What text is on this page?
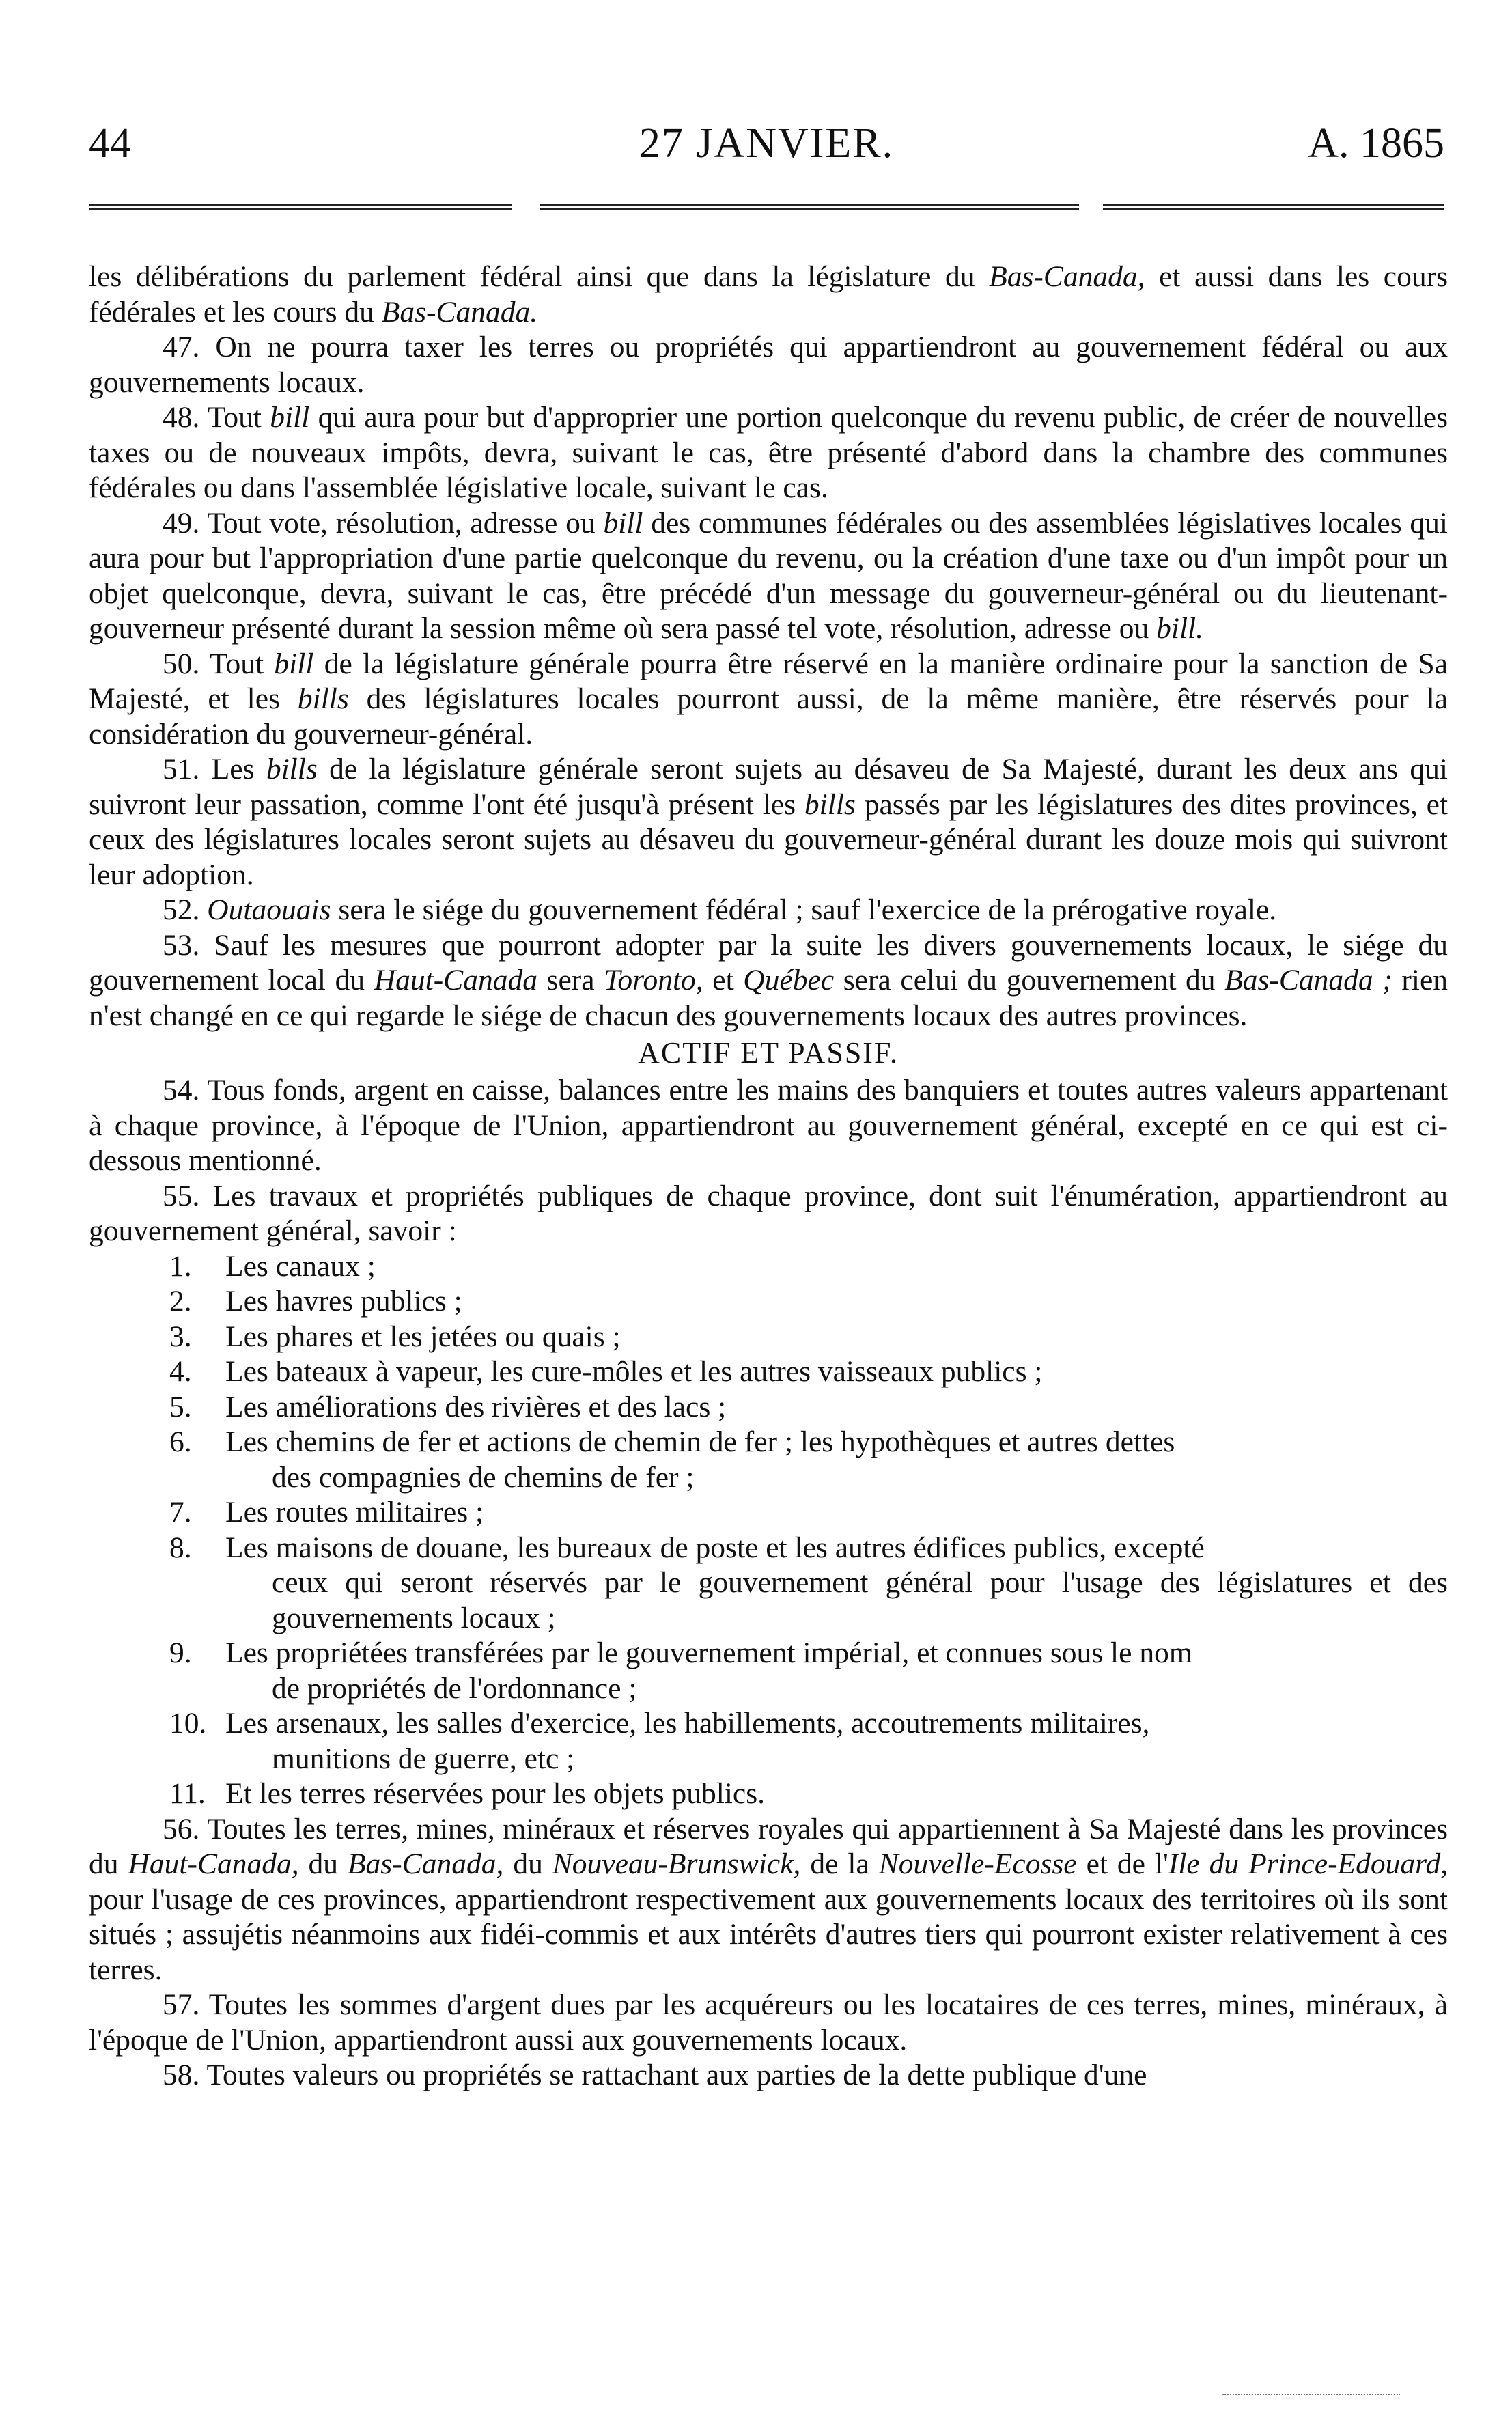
44	27 JANVIER.	A. 1865

les délibérations du parlement fédéral ainsi que dans la législature du Bas-Canada, et aussi dans les cours fédérales et les cours du Bas-Canada.

47. On ne pourra taxer les terres ou propriétés qui appartiendront au gouvernement fédéral ou aux gouvernements locaux.

48. Tout bill qui aura pour but d'approprier une portion quelconque du revenu public, de créer de nouvelles taxes ou de nouveaux impôts, devra, suivant le cas, être présenté d'abord dans la chambre des communes fédérales ou dans l'assemblée législative locale, suivant le cas.

49. Tout vote, résolution, adresse ou bill des communes fédérales ou des assemblées législatives locales qui aura pour but l'appropriation d'une partie quelconque du revenu, ou la création d'une taxe ou d'un impôt pour un objet quelconque, devra, suivant le cas, être précédé d'un message du gouverneur-général ou du lieutenant-gouverneur présenté durant la session même où sera passé tel vote, résolution, adresse ou bill.

50. Tout bill de la législature générale pourra être réservé en la manière ordinaire pour la sanction de Sa Majesté, et les bills des législatures locales pourront aussi, de la même manière, être réservés pour la considération du gouverneur-général.

51. Les bills de la législature générale seront sujets au désaveu de Sa Majesté, durant les deux ans qui suivront leur passation, comme l'ont été jusqu'à présent les bills passés par les législatures des dites provinces, et ceux des législatures locales seront sujets au désaveu du gouverneur-général durant les douze mois qui suivront leur adoption.

52. Outaouais sera le siége du gouvernement fédéral ; sauf l'exercice de la prérogative royale.

53. Sauf les mesures que pourront adopter par la suite les divers gouvernements locaux, le siége du gouvernement local du Haut-Canada sera Toronto, et Québec sera celui du gouvernement du Bas-Canada ; rien n'est changé en ce qui regarde le siége de chacun des gouvernements locaux des autres provinces.

ACTIF ET PASSIF.

54. Tous fonds, argent en caisse, balances entre les mains des banquiers et toutes autres valeurs appartenant à chaque province, à l'époque de l'Union, appartiendront au gouvernement général, excepté en ce qui est ci-dessous mentionné.

55. Les travaux et propriétés publiques de chaque province, dont suit l'énumération, appartiendront au gouvernement général, savoir :

1.	Les canaux ;
2.	Les havres publics ;
3.	Les phares et les jetées ou quais ;
4.	Les bateaux à vapeur, les cure-môles et les autres vaisseaux publics ;
5.	Les améliorations des rivières et des lacs ;
6.	Les chemins de fer et actions de chemin de fer ; les hypothèques et autres dettes
des compagnies de chemins de fer ;
7.	Les routes militaires ;
8.	Les maisons de douane, les bureaux de poste et les autres édifices publics, excepté
ceux qui seront réservés par le gouvernement général pour l'usage des législatures et des gouvernements locaux ;
9.	Les propriétées transférées par le gouvernement impérial, et connues sous le nom
de propriétés de l'ordonnance ;
10. Les arsenaux, les salles d'exercice, les habillements, accoutrements militaires,
munitions de guerre, etc ;
11. Et les terres réservées pour les objets publics.

56. Toutes les terres, mines, minéraux et réserves royales qui appartiennent à Sa Majesté dans les provinces du Haut-Canada, du Bas-Canada, du Nouveau-Brunswick, de la Nouvelle-Ecosse et de l'Ile du Prince-Edouard, pour l'usage de ces provinces, appartiendront respectivement aux gouvernements locaux des territoires où ils sont situés ; assujétis néanmoins aux fidéi-commis et aux intérêts d'autres tiers qui pourront exister relativement à ces terres.

57. Toutes les sommes d'argent dues par les acquéreurs ou les locataires de ces terres, mines, minéraux, à l'époque de l'Union, appartiendront aussi aux gouvernements locaux.

58. Toutes valeurs ou propriétés se rattachant aux parties de la dette publique d'une
